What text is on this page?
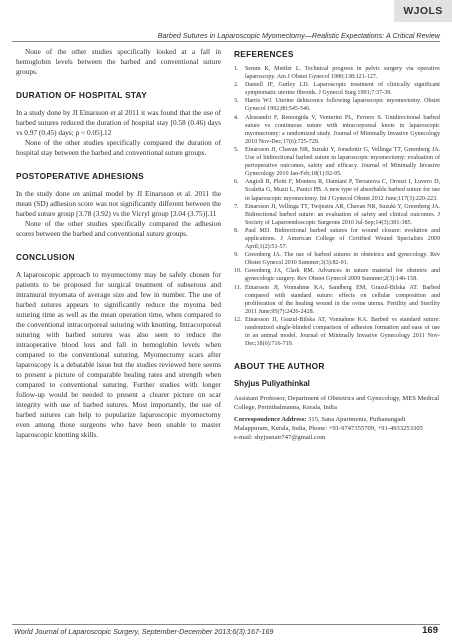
WJOLS
Barbed Sutures in Laparoscopic Myomectomy—Realistic Expectations: A Critical Review

None of the other studies specifically looked at a fall in hemoglobin levels between the barbed and conventional suture groups.

DURATION OF HOSPITAL STAY

In a study done by JI Einarsson et al 2011 it was found that the use of barbed sutures reduced the duration of hospital stay [0.58 (0.46) days vs 0.97 (0.45) days; p < 0.05].12

None of the other studies specifically compared the duration of hospital stay between the barbed and conventional suture groups.

POSTOPERATIVE ADHESIONS

In the study done on animal model by JI Einarsson et al. 2011 the mean (SD) adhesion score was not significantly different between the barbed suture group [3.78 (3.92) vs the Vicryl group [3.04 (3.75)].11

None of the other studies specifically compared the adhesion scores between the barbed and conventional suture groups.

CONCLUSION

A laparoscopic approach to myomectomy may be safely chosen for patients to be proposed for surgical treatment of subserous and intramural myomata of average size and few in number. The use of barbed sutures appears to significantly reduce the myoma bed suturing time as well as the mean operation time, when compared to the conventional intracorporeal suturing with knotting. Intracorporeal suturing with barbed sutures was also seen to reduce the intraoperative blood loss and fall in hemoglobin levels when compared to the conventional suturing. Myomectomy scars after laparoscopy is a debatable issue but the studies reviewed here seems to present a picture of comparable healing rates and strength when compared to conventional suturing. Further studies with longer follow-up would be needed to present a clearer picture on scar integrity with use of barbed sutures. Most importantly, the use of barbed sutures can help to popularize laparoscopic myomectomy even among those surgeons who have been unable to master laparoscopic knotting skills.

REFERENCES
1.	Semm K, Mettler L. Technical progress in pelvic surgery via operative laparoscopy. Am J Obstet Gynecol 1980;138:121-127.
2.	Daniell JF, Gurley LD. Laparoscopic treatment of clinically significant symptomatic uterine fibroids. J Gynecol Surg 1991;7:37-39.
3.	Harris WJ. Uterine dehiscence following laparoscopic myomectomy. Obstet Gynecol 1992;80:545-546.
4.	Alessandri F, Remorgida V, Venturini PL, Ferrero S. Unidirectional barbed suture vs continuous suture with intracorporeal knots in laparoscopic myomectomy: a randomized study. Journal of Minimally Invasive Gynecology 2010 Nov-Dec;17(6):725-729.
5.	Einarsson JI, Chavan NR, Suzuki Y, Jonsdottir G, Vellinga TT, Greenberg JA. Use of bidirectional barbed suture in laparoscopic myomectomy: evaluation of perioperative outcomes, safety and efficacy. Journal of Minimally Invasive Gynecology 2010 Jan-Feb;18(1):92-95.
6.	Angioli R, Plotti F, Montera R, Damiani P, Terranova C, Oronzi I, Luvero D, Scaletta G, Muzii L, Panici PB. A new type of absorbable barbed suture for use in laparoscopic myomectomy. Int J Gynecol Obstet 2012 June;117(3):220-223.
7.	Einarsson JI, Vellinga TT, Twijnstra AR, Chavan NR, Suzuki Y, Greenberg JA. Bidirectional barbed suture: an evaluation of safety and clinical outcomes. J Society of Laparoendoscopic Surgeons 2010 Jul-Sep;14(3):381-385.
8.	Paul MD. Bidirectional barbed sutures for wound closure: evolution and applications. J American College of Certified Wound Specialists 2009 April;1(2):51-57.
9.	Greenberg JA. The use of barbed sutures in obstetrics and gynecology. Rev Obstet Gynecol 2010 Summer;3(3):82-91.
10. Greenberg JA, Clark RM. Advances in suture material for obstetric and gynecologic surgery. Rev Obstet Gynecol 2009 Summer;2(3):146-158.
11. Einarsson JI, Vonnahme KA, Sandberg EM, Grazul-Bilska AT. Barbed compared with standard suture: effects on cellular composition and proliferation of the healing wound in the ovine uterus. Fertility and Sterility 2011 June;95(7):2426-2428.
12. Einarsson JI, Grazul-Bilska AT, Vonnahme KA. Barbed vs standard suture: randomized single-blinded comparison of adhesion formation and ease of use in an animal model. Journal of Minimally Invasive Gynecology 2011 Nov-Dec;18(6):716-719.
ABOUT THE AUTHOR
Shyjus Puliyathinkal

Assistant Professor, Department of Obstetrics and Gynecology, MES Medical College, Perinthalmanna, Kerala, India

Correspondence Address: 315, Sana Apartments, Puthanangadi Malappuram, Kerala, India, Phone: +91-9747355709, +91-4933253305

e-mail: shyjusnair747@gmail.com

World Journal of Laparoscopic Surgery, September-December 2013;6(3):167-169	169
